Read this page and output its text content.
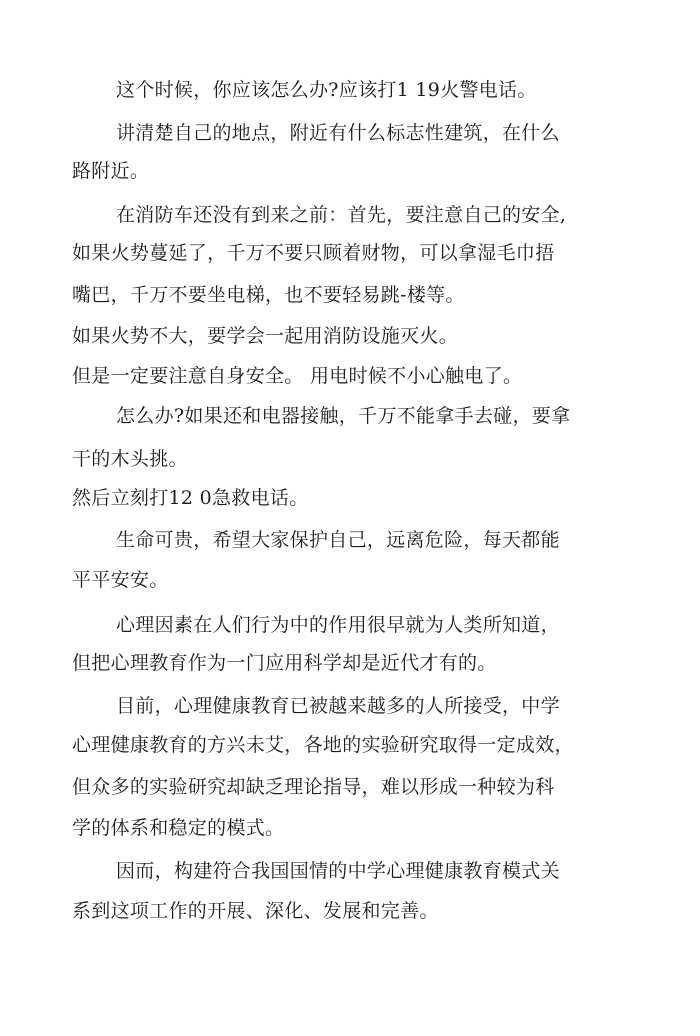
这个时候，你应该怎么办?应该打1 19火警电话。
讲清楚自己的地点，附近有什么标志性建筑，在什么
路附近。
在消防车还没有到来之前：首先，要注意自己的安全,
如果火势蔓延了，千万不要只顾着财物，可以拿湿毛巾捂
嘴巴，千万不要坐电梯，也不要轻易跳-楼等。
如果火势不大，要学会一起用消防设施灭火。
但是一定要注意自身安全。 用电时候不小心触电了。
怎么办?如果还和电器接触，千万不能拿手去碰，要拿
干的木头挑。
然后立刻打12 0急救电话。
生命可贵，希望大家保护自己，远离危险，每天都能
平平安安。
心理因素在人们行为中的作用很早就为人类所知道，
但把心理教育作为一门应用科学却是近代才有的。
目前，心理健康教育已被越来越多的人所接受，中学
心理健康教育的方兴未艾，各地的实验研究取得一定成效，
但众多的实验研究却缺乏理论指导，难以形成一种较为科
学的体系和稳定的模式。
因而，构建符合我国国情的中学心理健康教育模式关
系到这项工作的开展、深化、发展和完善。
